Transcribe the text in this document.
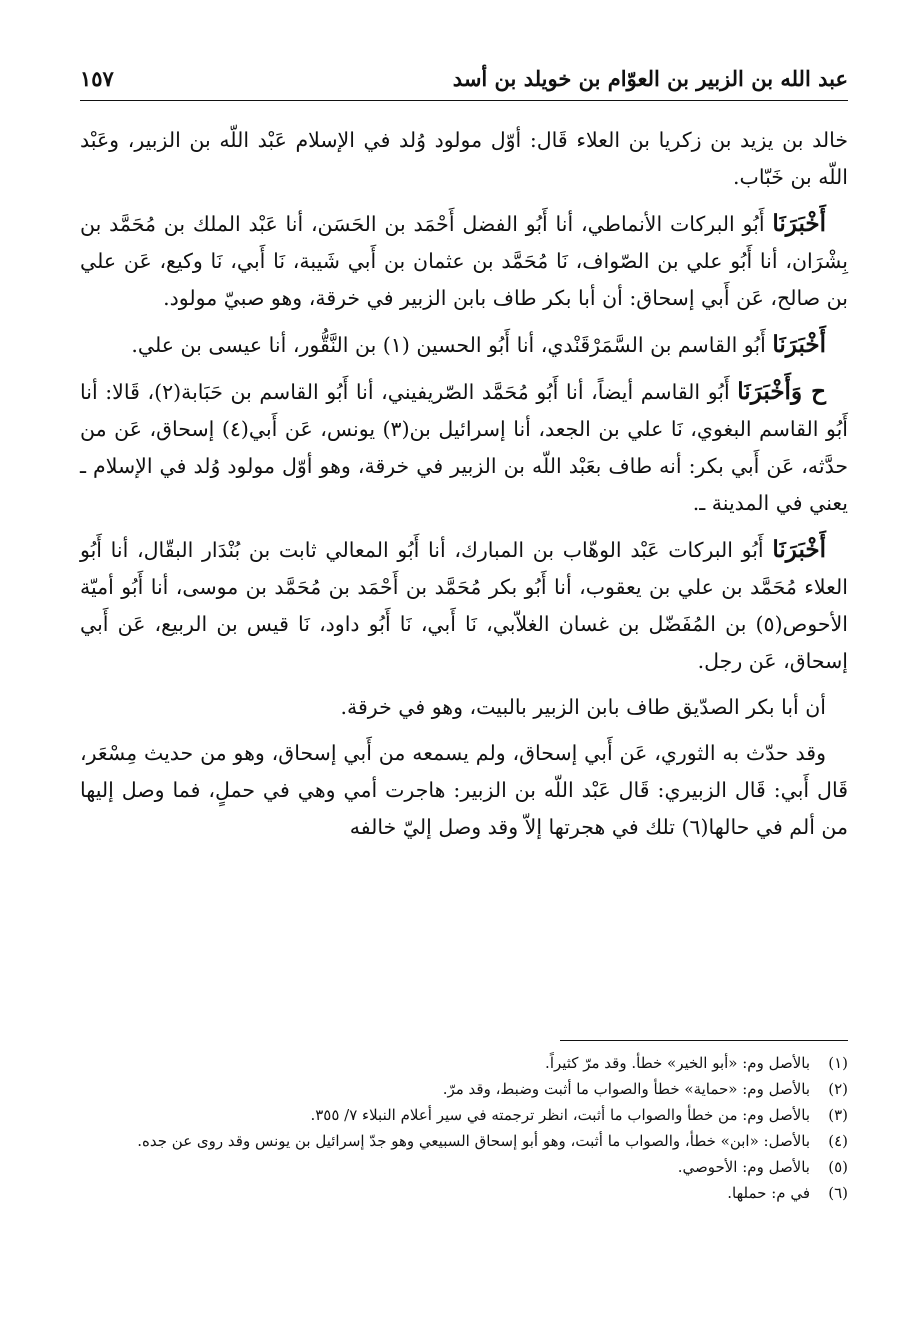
عبد الله بن الزبير بن العوّام بن خويلد بن أسد
١٥٧

خالد بن يزيد بن زكريا بن العلاء قَال: أوّل مولود وُلد في الإسلام عَبْد اللّه بن الزبير، وعَبْد اللّه بن خَبّاب.

أَخْبَرَنَا أَبُو البركات الأنماطي، أنا أَبُو الفضل أَحْمَد بن الحَسَن، أنا عَبْد الملك بن مُحَمَّد بن بِشْرَان، أنا أَبُو علي بن الصّواف، نَا مُحَمَّد بن عثمان بن أَبي شَيبة، نَا أَبي، نَا وكيع، عَن علي بن صالح، عَن أَبي إسحاق: أن أبا بكر طاف بابن الزبير في خرقة، وهو صبيّ مولود.

أَخْبَرَنَا أَبُو القاسم بن السَّمَرْقَنْدي، أنا أَبُو الحسين (١) بن النَّقُّور، أنا عيسى بن علي.

ح وَأَخْبَرَنَا أَبُو القاسم أيضاً، أنا أَبُو مُحَمَّد الصّريفيني، أنا أَبُو القاسم بن حَبَابة(٢)، قَالا: أنا أَبُو القاسم البغوي، نَا علي بن الجعد، أنا إسرائيل بن(٣) يونس، عَن أَبي(٤) إسحاق، عَن من حدَّثه، عَن أَبي بكر: أنه طاف بعَبْد اللّه بن الزبير في خرقة، وهو أوّل مولود وُلد في الإسلام ـ يعني في المدينة ـ.

أَخْبَرَنَا أَبُو البركات عَبْد الوهّاب بن المبارك، أنا أَبُو المعالي ثابت بن بُنْدَار البقّال، أنا أَبُو العلاء مُحَمَّد بن علي بن يعقوب، أنا أَبُو بكر مُحَمَّد بن أَحْمَد بن مُحَمَّد بن موسى، أنا أَبُو أميّة الأحوص(٥) بن المُفَضّل بن غسان الغلاّبي، نَا أَبي، نَا أَبُو داود، نَا قيس بن الربيع، عَن أَبي إسحاق، عَن رجل.

أن أبا بكر الصدّيق طاف بابن الزبير بالبيت، وهو في خرقة.

وقد حدّث به الثوري، عَن أَبي إسحاق، ولم يسمعه من أَبي إسحاق، وهو من حديث مِسْعَر، قَال أَبي: قَال الزبيري: قَال عَبْد اللّه بن الزبير: هاجرت أمي وهي في حملٍ، فما وصل إليها من ألم في حالها(٦) تلك في هجرتها إلاّ وقد وصل إليّ خالفه

(١)
بالأصل وم: «أبو الخير» خطأ. وقد مرّ كثيراً.
(٢)
بالأصل وم: «حماية» خطأ والصواب ما أثبت وضبط، وقد مرّ.
(٣)
بالأصل وم: من خطأ والصواب ما أثبت، انظر ترجمته في سير أعلام النبلاء ٧/ ٣٥٥.
(٤)
بالأصل: «ابن» خطأ، والصواب ما أثبت، وهو أبو إسحاق السبيعي وهو جدّ إسرائيل بن يونس وقد روى عن جده.
(٥)
بالأصل وم: الأحوصي.
(٦)
في م: حملها.
